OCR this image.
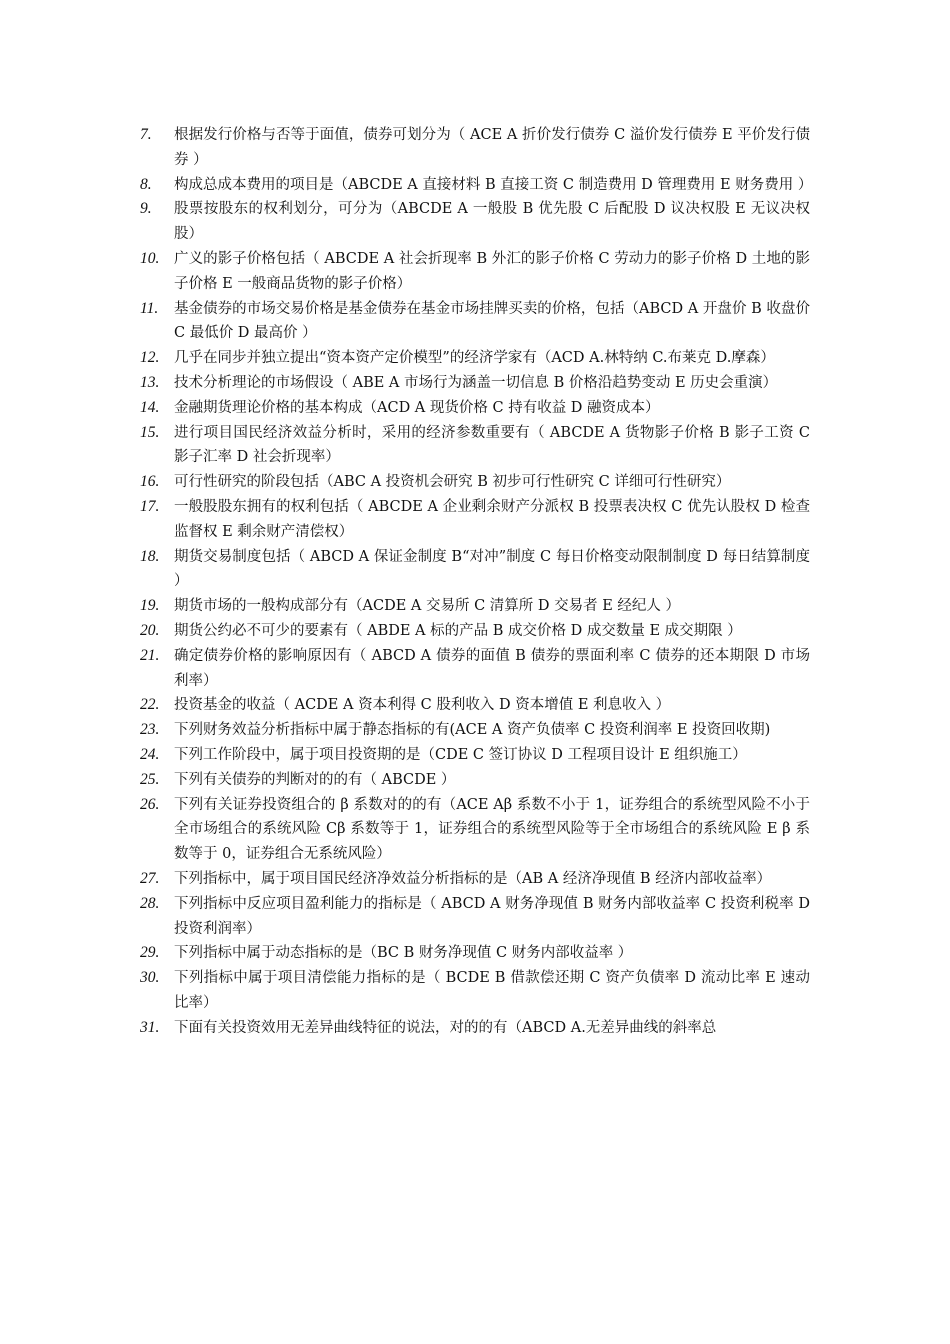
7.	根据发行价格与否等于面值，债券可划分为（ ACE A 折价发行债券 C 溢价发行债券 E 平价发行债券 ）
8.	构成总成本费用的项目是（ABCDE A 直接材料 B 直接工资 C 制造费用 D 管理费用 E 财务费用 ）
9.	股票按股东的权利划分，可分为（ABCDE A 一般股 B 优先股 C 后配股 D 议决权股 E 无议决权股）
10.	广义的影子价格包括（ ABCDE A 社会折现率 B 外汇的影子价格 C 劳动力的影子价格 D 土地的影子价格 E 一般商品货物的影子价格）
11.	基金债券的市场交易价格是基金债券在基金市场挂牌买卖的价格，包括（ABCD A 开盘价 B 收盘价 C 最低价 D 最高价 ）
12.	几乎在同步并独立提出“资本资产定价模型”的经济学家有（ACD A.林特纳 C.布莱克 D.摩森）
13.	技术分析理论的市场假设（ ABE A 市场行为涵盖一切信息 B 价格沿趋势变动 E 历史会重演）
14.	金融期货理论价格的基本构成（ACD A 现货价格 C 持有收益 D 融资成本）
15.	进行项目国民经济效益分析时，采用的经济参数重要有（ ABCDE A 货物影子价格 B 影子工资 C 影子汇率 D 社会折现率）
16.	可行性研究的阶段包括（ABC A 投资机会研究 B 初步可行性研究 C 详细可行性研究）
17.	一般股股东拥有的权利包括（ ABCDE A 企业剩余财产分派权 B 投票表决权 C 优先认股权 D 检查监督权 E 剩余财产清偿权）
18.	期货交易制度包括（ ABCD A 保证金制度 B“对冲”制度 C 每日价格变动限制制度 D 每日结算制度 ）
19.	期货市场的一般构成部分有（ACDE A 交易所 C 清算所 D 交易者 E 经纪人 ）
20.	期货公约必不可少的要素有（ ABDE A 标的产品 B 成交价格 D 成交数量 E 成交期限 ）
21.	确定债券价格的影响原因有（ ABCD A 债券的面值 B 债券的票面利率 C 债券的还本期限 D 市场利率）
22.	投资基金的收益（ ACDE A 资本利得 C 股利收入 D 资本增值 E 利息收入 ）
23.	下列财务效益分析指标中属于静态指标的有(ACE A 资产负债率 C 投资利润率 E 投资回收期)
24.	下列工作阶段中，属于项目投资期的是（CDE C 签订协议 D 工程项目设计 E 组织施工）
25.	下列有关债券的判断对的的有（ ABCDE ）
26.	下列有关证券投资组合的 β 系数对的的有（ACE Aβ 系数不小于 1，证券组合的系统型风险不小于全市场组合的系统风险 Cβ 系数等于 1，证券组合的系统型风险等于全市场组合的系统风险 E β 系数等于 0，证券组合无系统风险）
27.	下列指标中，属于项目国民经济净效益分析指标的是（AB A 经济净现值 B 经济内部收益率）
28.	下列指标中反应项目盈利能力的指标是（ ABCD A 财务净现值 B 财务内部收益率 C 投资利税率 D 投资利润率）
29.	下列指标中属于动态指标的是（BC B 财务净现值 C 财务内部收益率 ）
30.	下列指标中属于项目清偿能力指标的是（ BCDE B 借款偿还期 C 资产负债率 D 流动比率 E 速动比率）
31.	下面有关投资效用无差异曲线特征的说法，对的的有（ABCD A.无差异曲线的斜率总
